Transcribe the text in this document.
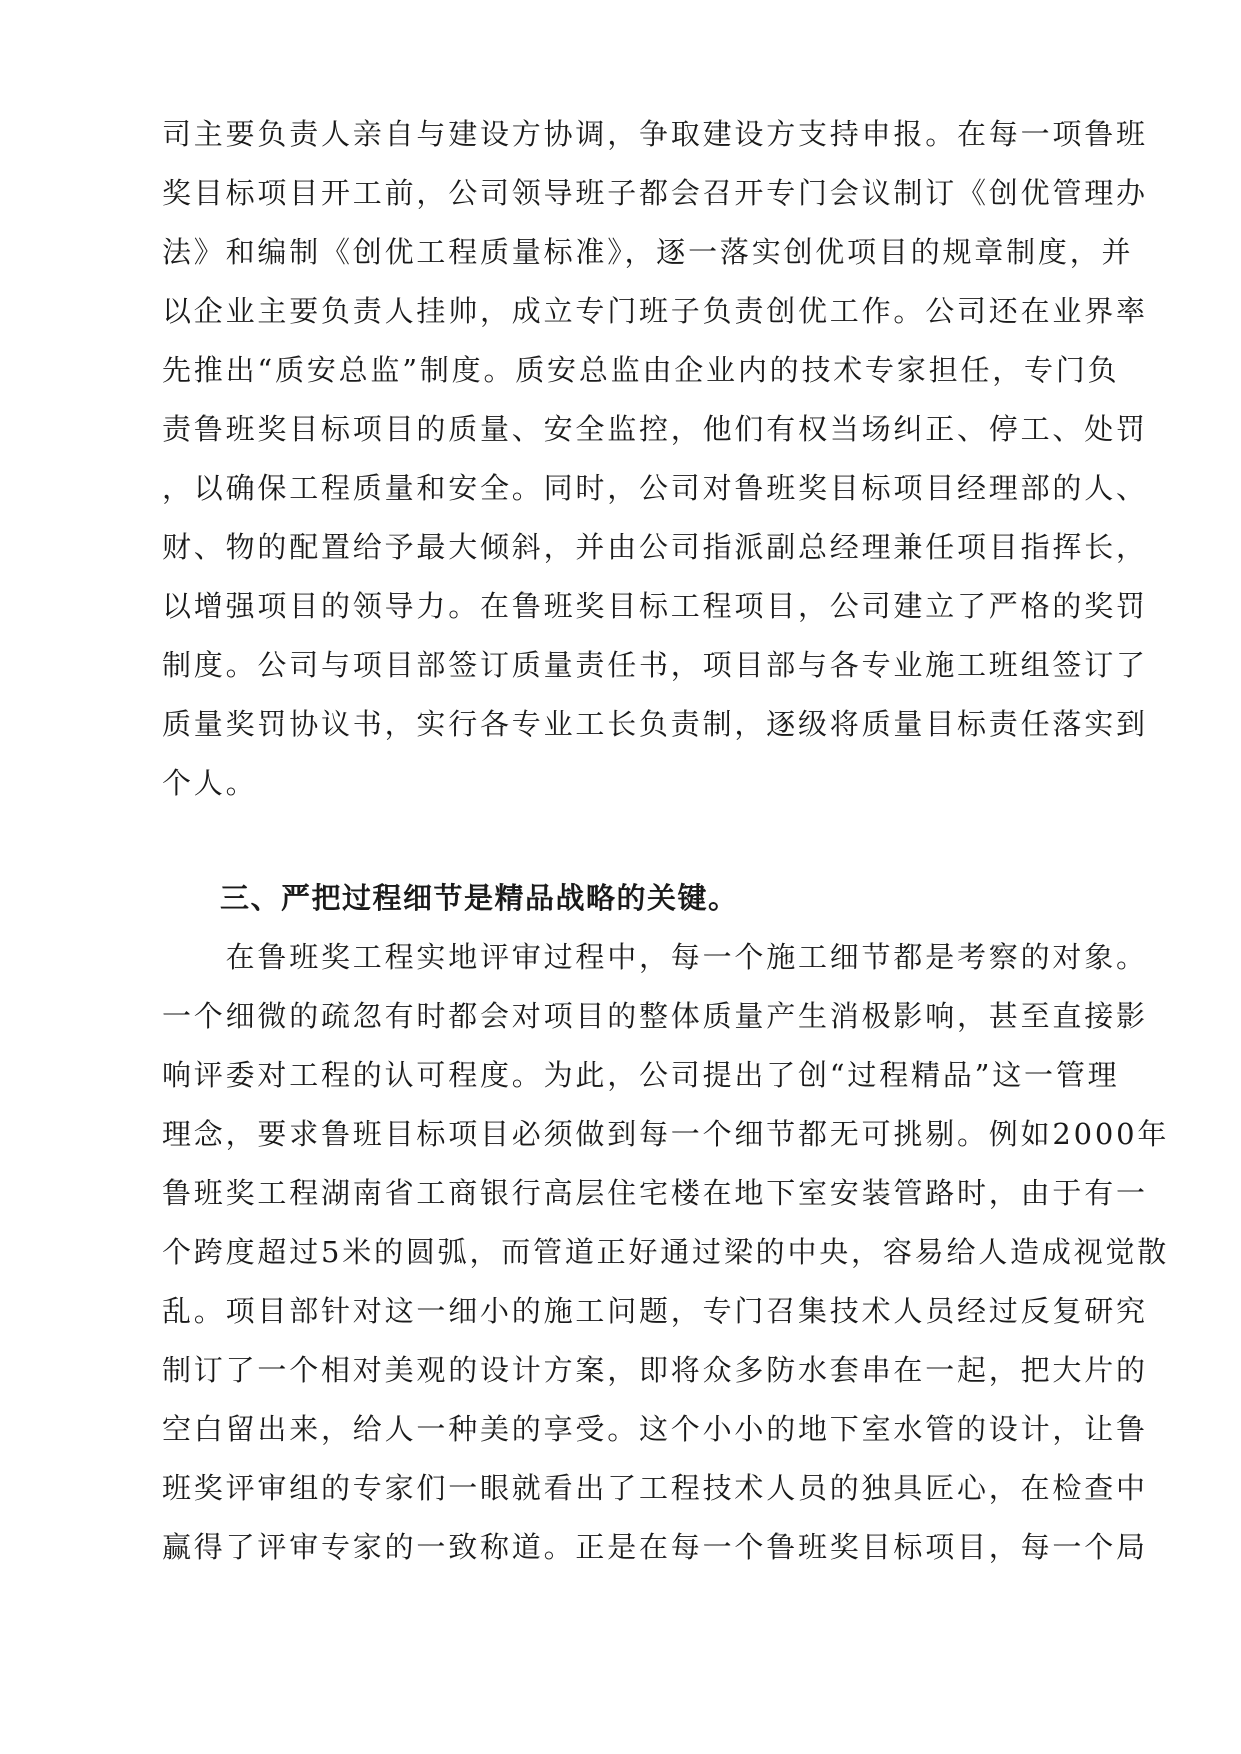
司主要负责人亲自与建设方协调，争取建设方支持申报。在每一项鲁班
奖目标项目开工前，公司领导班子都会召开专门会议制订《创优管理办
法》和编制《创优工程质量标准》，逐一落实创优项目的规章制度，并
以企业主要负责人挂帅，成立专门班子负责创优工作。公司还在业界率
先推出“质安总监”制度。质安总监由企业内的技术专家担任，专门负
责鲁班奖目标项目的质量、安全监控，他们有权当场纠正、停工、处罚
，以确保工程质量和安全。同时，公司对鲁班奖目标项目经理部的人、
财、物的配置给予最大倾斜，并由公司指派副总经理兼任项目指挥长，
以增强项目的领导力。在鲁班奖目标工程项目，公司建立了严格的奖罚
制度。公司与项目部签订质量责任书，项目部与各专业施工班组签订了
质量奖罚协议书，实行各专业工长负责制，逐级将质量目标责任落实到
个人。
三、严把过程细节是精品战略的关键。
　　在鲁班奖工程实地评审过程中，每一个施工细节都是考察的对象。
一个细微的疏忽有时都会对项目的整体质量产生消极影响，甚至直接影
响评委对工程的认可程度。为此，公司提出了创“过程精品”这一管理
理念，要求鲁班目标项目必须做到每一个细节都无可挑剔。例如2000年
鲁班奖工程湖南省工商银行高层住宅楼在地下室安装管路时，由于有一
个跨度超过5米的圆弧，而管道正好通过梁的中央，容易给人造成视觉散
乱。项目部针对这一细小的施工问题，专门召集技术人员经过反复研究
制订了一个相对美观的设计方案，即将众多防水套串在一起，把大片的
空白留出来，给人一种美的享受。这个小小的地下室水管的设计，让鲁
班奖评审组的专家们一眼就看出了工程技术人员的独具匠心，在检查中
赢得了评审专家的一致称道。正是在每一个鲁班奖目标项目，每一个局
